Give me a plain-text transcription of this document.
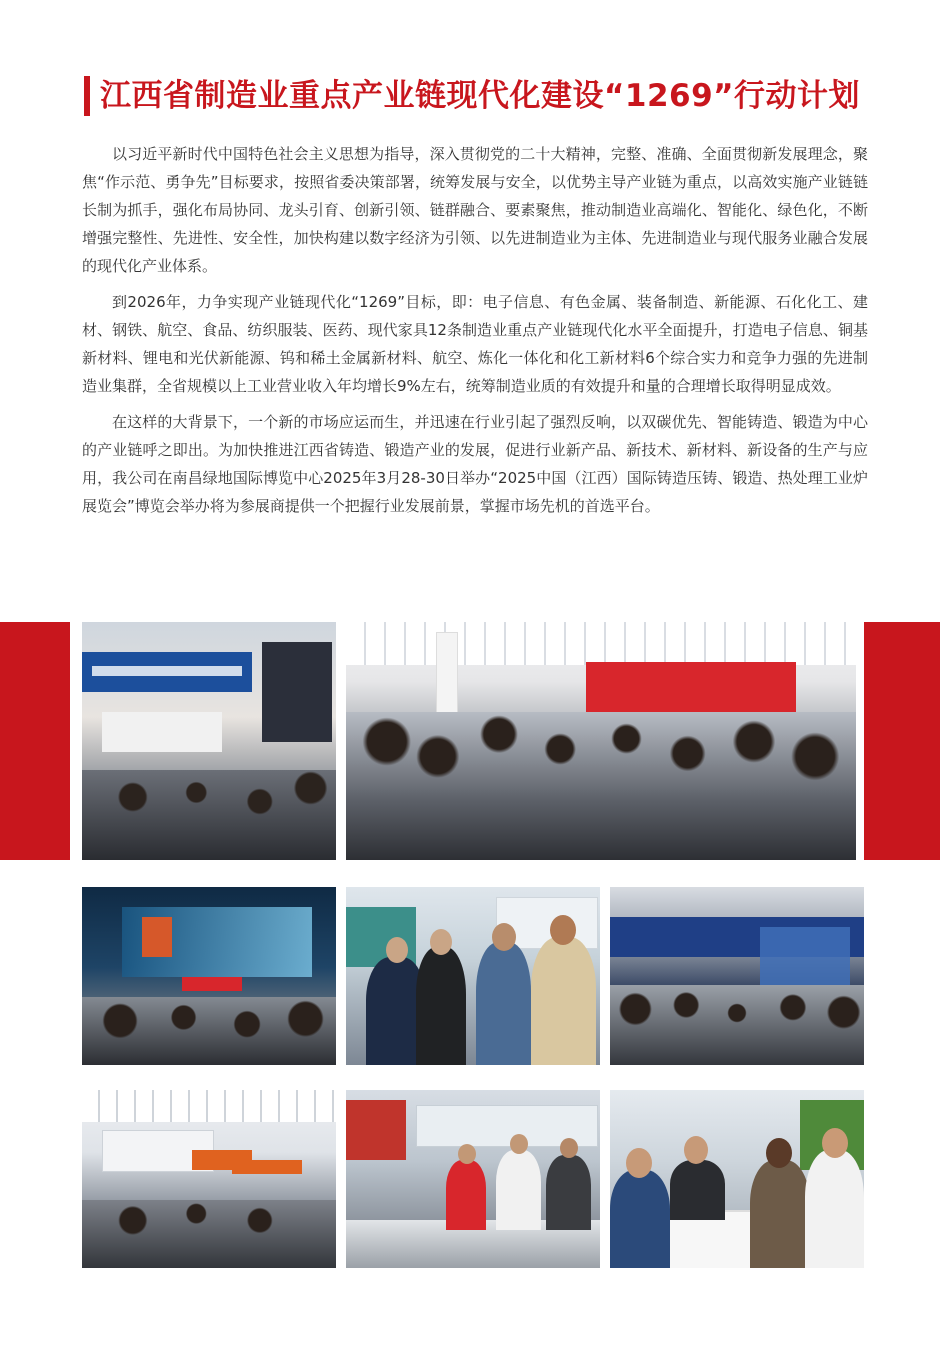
江西省制造业重点产业链现代化建设“1269”行动计划

以习近平新时代中国特色社会主义思想为指导，深入贯彻党的二十大精神，完整、准确、全面贯彻新发展理念，聚焦“作示范、勇争先”目标要求，按照省委决策部署，统筹发展与安全，以优势主导产业链为重点，以高效实施产业链链长制为抓手，强化布局协同、龙头引育、创新引领、链群融合、要素聚焦，推动制造业高端化、智能化、绿色化，不断增强完整性、先进性、安全性，加快构建以数字经济为引领、以先进制造业为主体、先进制造业与现代服务业融合发展的现代化产业体系。

到2026年，力争实现产业链现代化“1269”目标，即：电子信息、有色金属、装备制造、新能源、石化化工、建材、钢铁、航空、食品、纺织服装、医药、现代家具12条制造业重点产业链现代化水平全面提升，打造电子信息、铜基新材料、锂电和光伏新能源、钨和稀土金属新材料、航空、炼化一体化和化工新材料6个综合实力和竞争力强的先进制造业集群，全省规模以上工业营业收入年均增长9%左右，统筹制造业质的有效提升和量的合理增长取得明显成效。

在这样的大背景下，一个新的市场应运而生，并迅速在行业引起了强烈反响，以双碳优先、智能铸造、锻造为中心的产业链呼之即出。为加快推进江西省铸造、锻造产业的发展，促进行业新产品、新技术、新材料、新设备的生产与应用，我公司在南昌绿地国际博览中心2025年3月28-30日举办“2025中国（江西）国际铸造压铸、锻造、热处理工业炉展览会”博览会举办将为参展商提供一个把握行业发展前景，掌握市场先机的首选平台。
